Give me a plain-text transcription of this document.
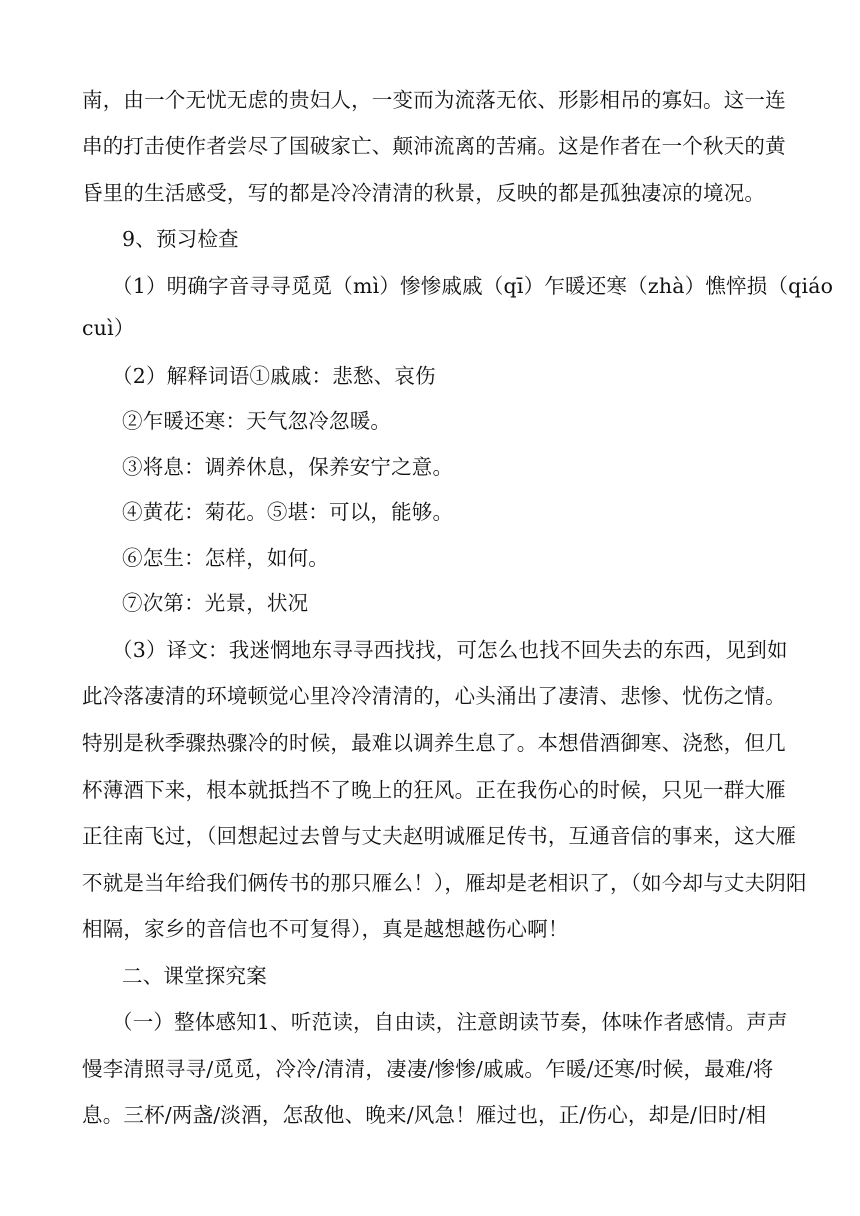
南，由一个无忧无虑的贵妇人，一变而为流落无依、形影相吊的寡妇。这一连
串的打击使作者尝尽了国破家亡、颠沛流离的苦痛。这是作者在一个秋天的黄
昏里的生活感受，写的都是冷冷清清的秋景，反映的都是孤独凄凉的境况。
9、预习检查
（1）明确字音寻寻觅觅（mì）惨惨戚戚（qī）乍暖还寒（zhà）憔悴损（qiáo
cuì）
（2）解释词语①戚戚：悲愁、哀伤
②乍暖还寒：天气忽冷忽暖。
③将息：调养休息，保养安宁之意。
④黄花：菊花。⑤堪：可以，能够。
⑥怎生：怎样，如何。
⑦次第：光景，状况
（3）译文：我迷惘地东寻寻西找找，可怎么也找不回失去的东西，见到如
此冷落凄清的环境顿觉心里冷冷清清的，心头涌出了凄清、悲惨、忧伤之情。
特别是秋季骤热骤冷的时候，最难以调养生息了。本想借酒御寒、浇愁，但几
杯薄酒下来，根本就抵挡不了晚上的狂风。正在我伤心的时候，只见一群大雁
正往南飞过，（回想起过去曾与丈夫赵明诚雁足传书，互通音信的事来，这大雁
不就是当年给我们俩传书的那只雁么！），雁却是老相识了，（如今却与丈夫阴阳
相隔，家乡的音信也不可复得），真是越想越伤心啊！
二、课堂探究案
（一）整体感知1、听范读，自由读，注意朗读节奏，体味作者感情。声声
慢李清照寻寻/觅觅，冷冷/清清，凄凄/惨惨/戚戚。乍暖/还寒/时候，最难/将
息。三杯/两盏/淡酒，怎敌他、晚来/风急！雁过也，正/伤心，却是/旧时/相
